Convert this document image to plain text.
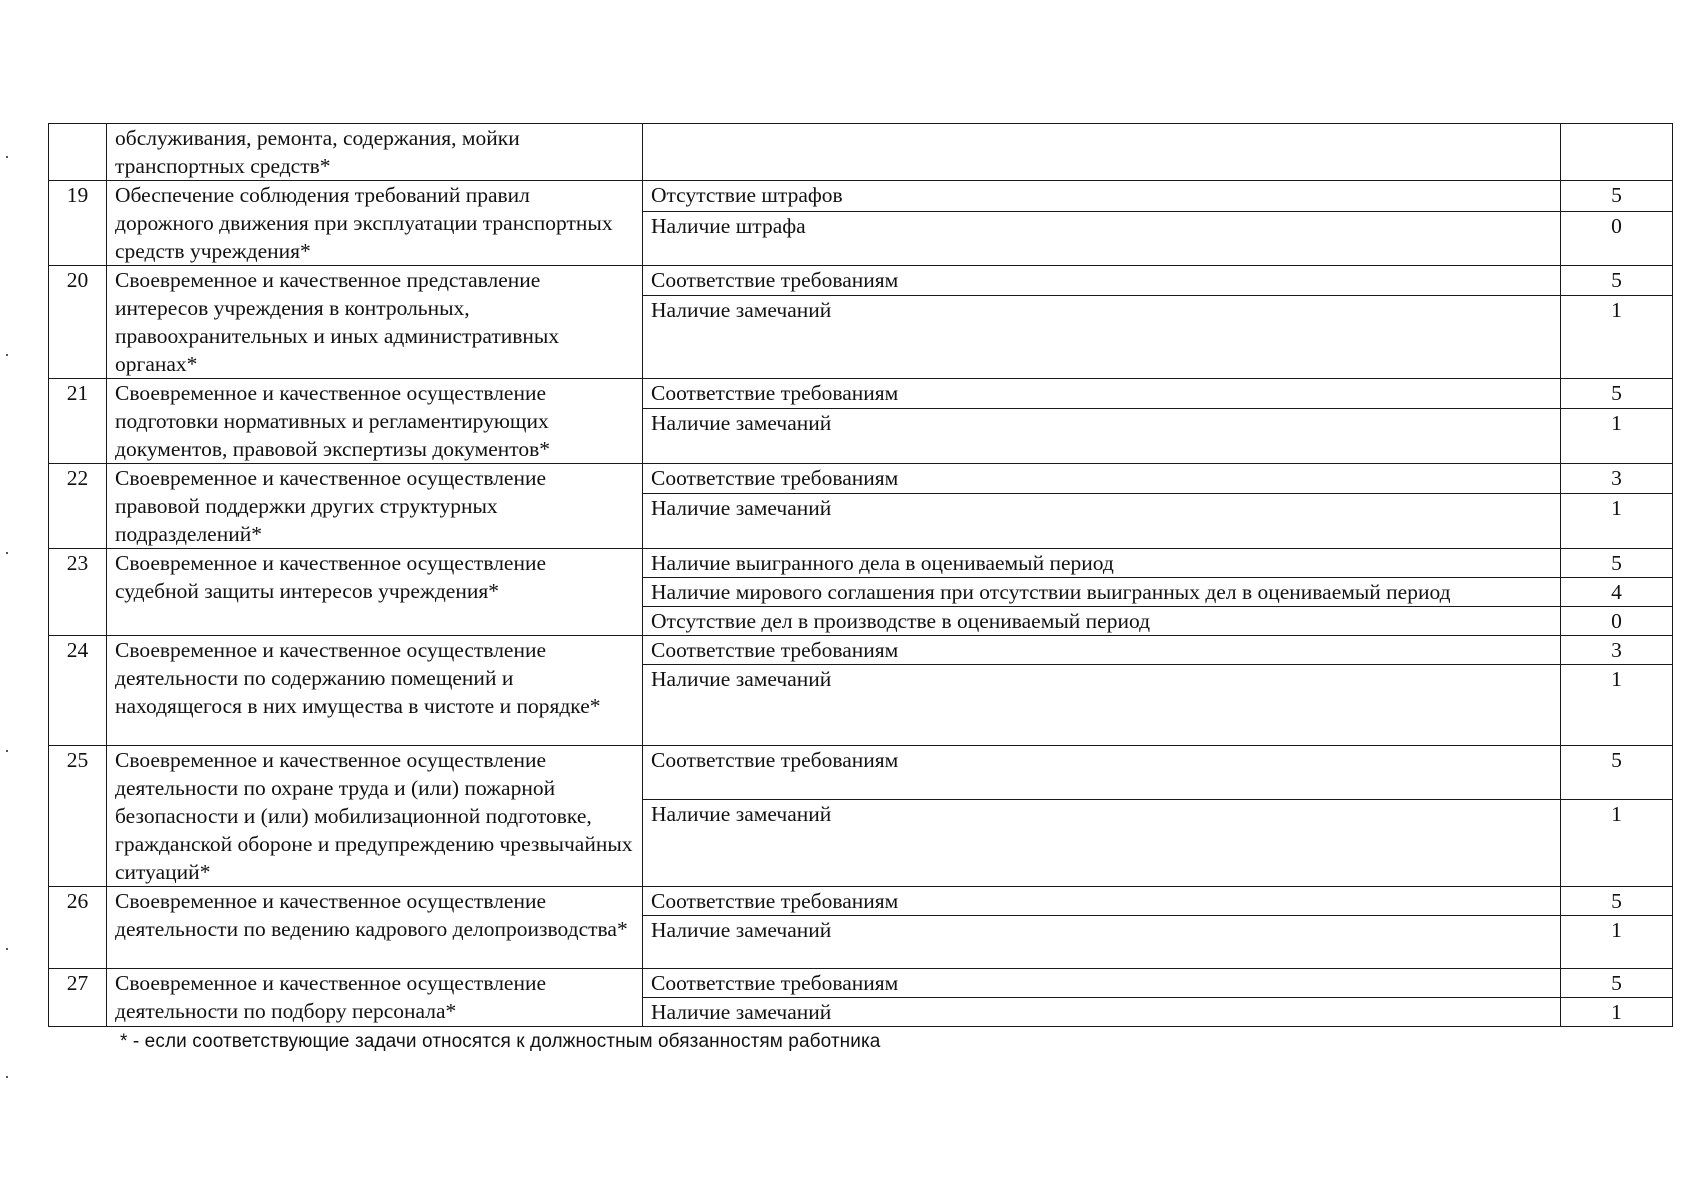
	обслуживания, ремонта, содержания, мойки транспортных средств*		
19	Обеспечение соблюдения требований правил дорожного движения при эксплуатации транспортных средств учреждения*	Отсутствие штрафов	5
		Наличие штрафа	0
20	Своевременное и качественное представление интересов учреждения в контрольных, правоохранительных и иных административных органах*	Соответствие требованиям	5
		Наличие замечаний	1
21	Своевременное и качественное осуществление подготовки нормативных и регламентирующих документов, правовой экспертизы документов*	Соответствие требованиям	5
		Наличие замечаний	1
22	Своевременное и качественное осуществление правовой поддержки других структурных подразделений*	Соответствие требованиям	3
		Наличие замечаний	1
23	Своевременное и качественное осуществление судебной защиты интересов учреждения*	Наличие выигранного дела в оцениваемый период	5
		Наличие мирового соглашения при отсутствии выигранных дел в оцениваемый период	4
		Отсутствие дел в производстве в оцениваемый период	0
24	Своевременное и качественное осуществление деятельности по содержанию помещений и находящегося в них имущества в чистоте и порядке*	Соответствие требованиям	3
		Наличие замечаний	1
25	Своевременное и качественное осуществление деятельности по охране труда и (или) пожарной безопасности и (или) мобилизационной подготовке, гражданской обороне и предупреждению чрезвычайных ситуаций*	Соответствие требованиям	5
		Наличие замечаний	1
26	Своевременное и качественное осуществление деятельности по ведению кадрового делопроизводства*	Соответствие требованиям	5
		Наличие замечаний	1
27	Своевременное и качественное осуществление деятельности по подбору персонала*	Соответствие требованиям	5
		Наличие замечаний	1
* - если соответствующие задачи относятся к должностным обязанностям работника
